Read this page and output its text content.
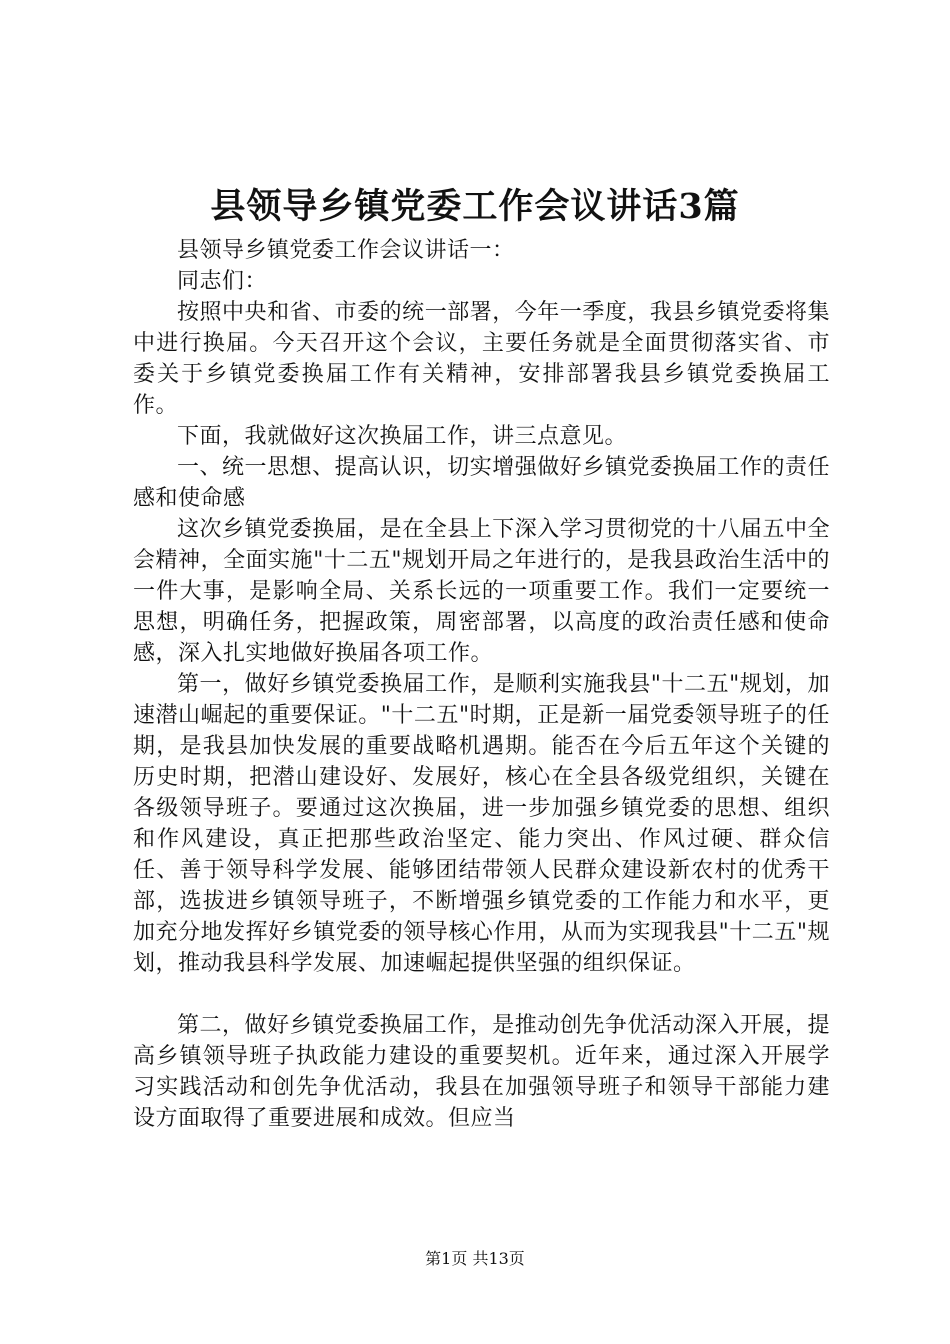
县领导乡镇党委工作会议讲话3篇

县领导乡镇党委工作会议讲话一：

同志们：

按照中央和省、市委的统一部署，今年一季度，我县乡镇党委将集中进行换届。今天召开这个会议，主要任务就是全面贯彻落实省、市委关于乡镇党委换届工作有关精神，安排部署我县乡镇党委换届工作。

下面，我就做好这次换届工作，讲三点意见。

一、统一思想、提高认识，切实增强做好乡镇党委换届工作的责任感和使命感

这次乡镇党委换届，是在全县上下深入学习贯彻党的十八届五中全会精神，全面实施"十二五"规划开局之年进行的，是我县政治生活中的一件大事，是影响全局、关系长远的一项重要工作。我们一定要统一思想，明确任务，把握政策，周密部署，以高度的政治责任感和使命感，深入扎实地做好换届各项工作。

第一，做好乡镇党委换届工作，是顺利实施我县"十二五"规划，加速潜山崛起的重要保证。"十二五"时期，正是新一届党委领导班子的任期，是我县加快发展的重要战略机遇期。能否在今后五年这个关键的历史时期，把潜山建设好、发展好，核心在全县各级党组织，关键在各级领导班子。要通过这次换届，进一步加强乡镇党委的思想、组织和作风建设，真正把那些政治坚定、能力突出、作风过硬、群众信任、善于领导科学发展、能够团结带领人民群众建设新农村的优秀干部，选拔进乡镇领导班子，不断增强乡镇党委的工作能力和水平，更加充分地发挥好乡镇党委的领导核心作用，从而为实现我县"十二五"规划，推动我县科学发展、加速崛起提供坚强的组织保证。

第二，做好乡镇党委换届工作，是推动创先争优活动深入开展，提高乡镇领导班子执政能力建设的重要契机。近年来，通过深入开展学习实践活动和创先争优活动，我县在加强领导班子和领导干部能力建设方面取得了重要进展和成效。但应当

第1页 共13页
